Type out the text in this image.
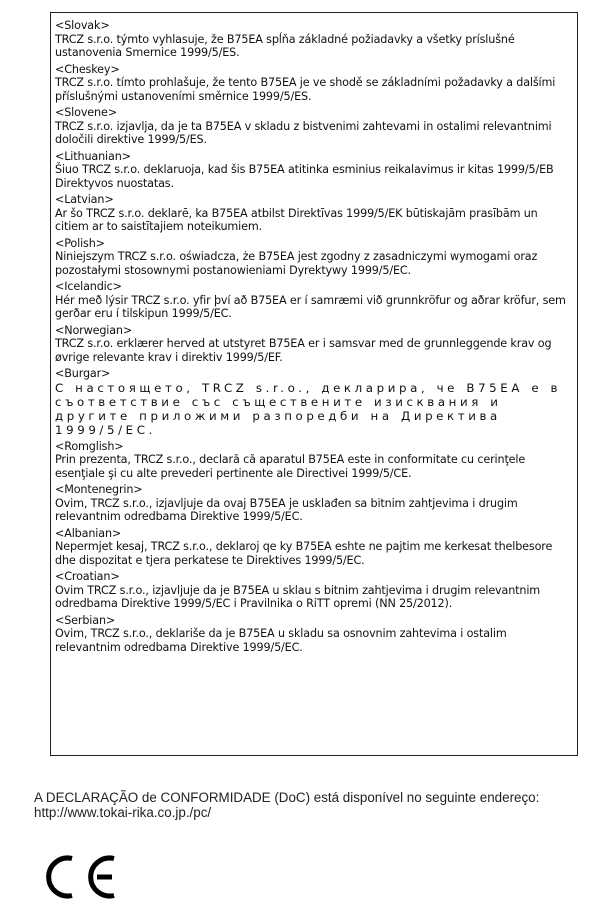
<Slovak>
TRCZ s.r.o. týmto vyhlasuje, že B75EA spĺňa základné požiadavky a všetky príslušné ustanovenia Smernice 1999/5/ES.
<Cheskey>
TRCZ s.r.o. tímto prohlašuje, že tento B75EA je ve shodě se základními požadavky a dalšími příslušnými ustanoveními směrnice 1999/5/ES.
<Slovene>
TRCZ s.r.o. izjavlja, da je ta B75EA v skladu z bistvenimi zahtevami in ostalimi relevantnimi določili direktive 1999/5/ES.
<Lithuanian>
Šiuo TRCZ s.r.o. deklaruoja, kad šis B75EA atitinka esminius reikalavimus ir kitas 1999/5/EB Direktyvos nuostatas.
<Latvian>
Ar šo TRCZ s.r.o. deklarē, ka B75EA atbilst Direktīvas 1999/5/EK būtiskajām prasībām un citiem ar to saistītajiem noteikumiem.
<Polish>
Niniejszym TRCZ s.r.o. oświadcza, że B75EA jest zgodny z zasadniczymi wymogami oraz pozostałymi stosownymi postanowieniami Dyrektywy 1999/5/EC.
<Icelandic>
Hér með lýsir TRCZ s.r.o. yfir því að B75EA er í samræmi við grunnkröfur og aðrar kröfur, sem gerðar eru í tilskipun 1999/5/EC.
<Norwegian>
TRCZ s.r.o. erklærer herved at utstyret B75EA er i samsvar med de grunnleggende krav og øvrige relevante krav i direktiv 1999/5/EF.
<Burgar>
С настоящето, TRCZ s.r.o., декларира, че B75EA е в съответствие със съществените изисквания и другите приложими разпоредби на Директива 1999/5/ЕС.
<Romglish>
Prin prezenta, TRCZ s.r.o., declară că aparatul B75EA este in conformitate cu cerinţele esenţiale şi cu alte prevederi pertinente ale Directivei 1999/5/CE.
<Montenegrin>
Ovim, TRCZ s.r.o., izjavljuje da ovaj B75EA je usklađen sa bitnim zahtjevima i drugim relevantnim odredbama Direktive 1999/5/EC.
<Albanian>
Nepermjet kesaj, TRCZ s.r.o., deklaroj qe ky B75EA eshte ne pajtim me kerkesat thelbesore dhe dispozitat e tjera perkatese te Direktives 1999/5/EC.
<Croatian>
Ovim TRCZ s.r.o., izjavljuje da je B75EA u sklau s bitnim zahtjevima i drugim relevantnim odredbama Direktive 1999/5/EC i Pravilnika o RiTT opremi (NN 25/2012).
<Serbian>
Ovim, TRCZ s.r.o., deklariše da je B75EA u skladu sa osnovnim zahtevima i ostalim relevantnim odredbama Direktive 1999/5/EC.
A DECLARAÇÃO de CONFORMIDADE (DoC) está disponível no seguinte endereço:
http://www.tokai-rika.co.jp./pc/
